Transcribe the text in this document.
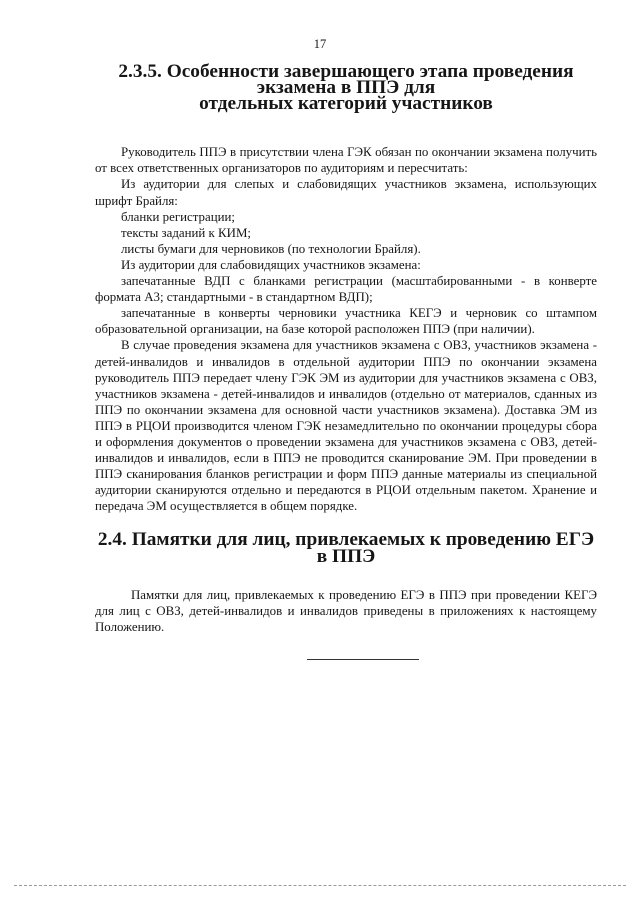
17
2.3.5. Особенности завершающего этапа проведения экзамена в ППЭ для
отдельных категорий участников

Руководитель ППЭ в присутствии члена ГЭК обязан по окончании экзамена получить от всех ответственных организаторов по аудиториям и пересчитать:

Из аудитории для слепых и слабовидящих участников экзамена, использующих шрифт Брайля:

бланки регистрации;

тексты заданий к КИМ;

листы бумаги для черновиков (по технологии Брайля).

Из аудитории для слабовидящих участников экзамена:

запечатанные ВДП с бланками регистрации (масштабированными - в конверте формата А3; стандартными - в стандартном ВДП);

запечатанные в конверты черновики участника КЕГЭ и черновик со штампом образовательной организации, на базе которой расположен ППЭ (при наличии).

В случае проведения экзамена для участников экзамена с ОВЗ, участников экзамена - детей-инвалидов и инвалидов в отдельной аудитории ППЭ по окончании экзамена руководитель ППЭ передает члену ГЭК ЭМ из аудитории для участников экзамена с ОВЗ, участников экзамена - детей-инвалидов и инвалидов (отдельно от материалов, сданных из ППЭ по окончании экзамена для основной части участников экзамена). Доставка ЭМ из ППЭ в РЦОИ производится членом ГЭК незамедлительно по окончании процедуры сбора и оформления документов о проведении экзамена для участников экзамена с ОВЗ, детей-инвалидов и инвалидов, если в ППЭ не проводится сканирование ЭМ. При проведении в ППЭ сканирования бланков регистрации и форм ППЭ данные материалы из специальной аудитории сканируются отдельно и передаются в РЦОИ отдельным пакетом. Хранение и передача ЭМ осуществляется в общем порядке.

2.4. Памятки для лиц, привлекаемых к проведению ЕГЭ в ППЭ

Памятки для лиц, привлекаемых к проведению ЕГЭ в ППЭ при проведении КЕГЭ для лиц с ОВЗ, детей-инвалидов и инвалидов приведены в приложениях к настоящему Положению.
